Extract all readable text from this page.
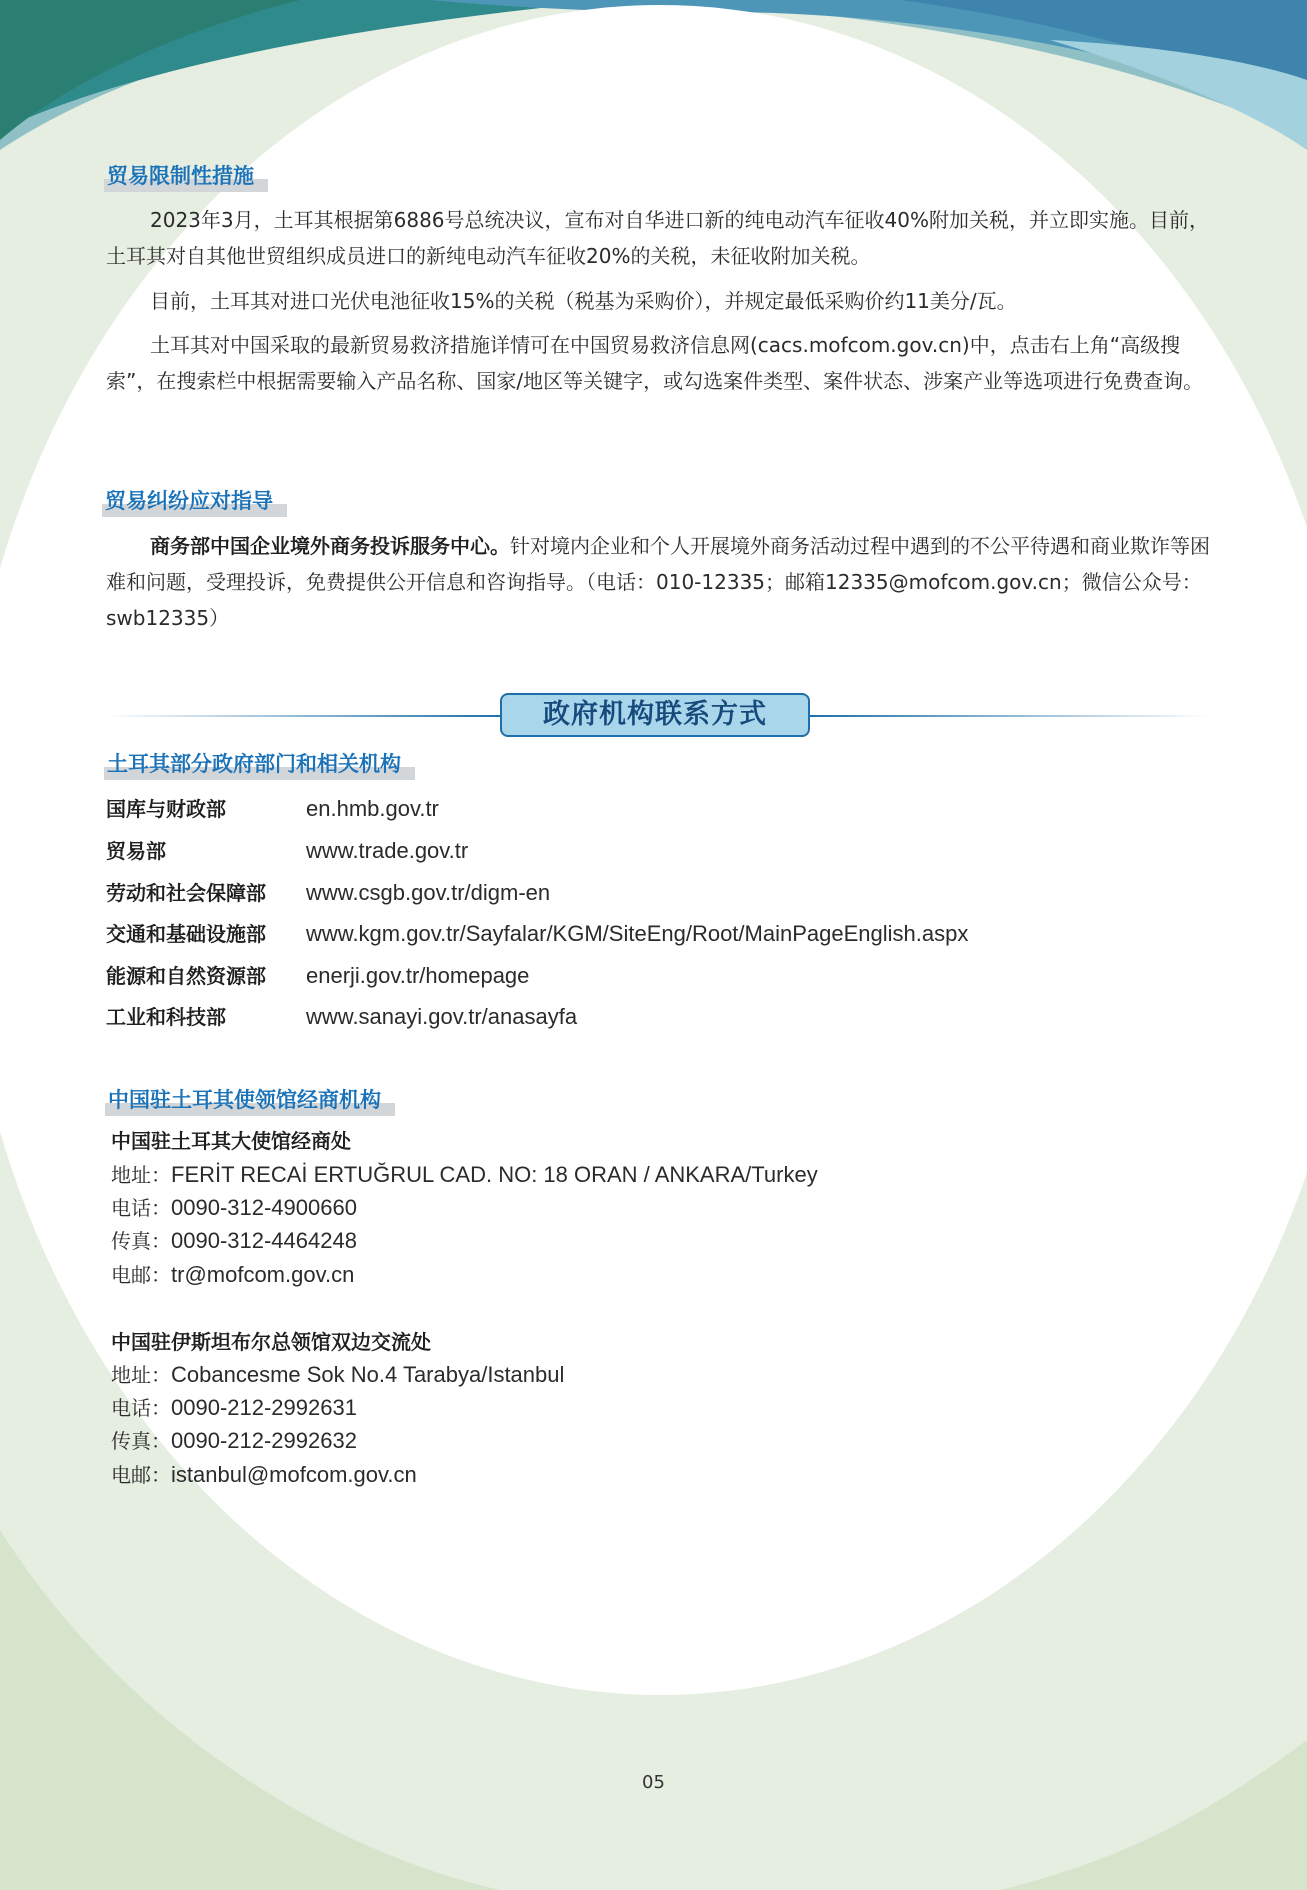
贸易限制性措施

2023年3月，土耳其根据第6886号总统决议，宣布对自华进口新的纯电动汽车征收40%附加关税，并立即实施。目前，土耳其对自其他世贸组织成员进口的新纯电动汽车征收20%的关税，未征收附加关税。

目前，土耳其对进口光伏电池征收15%的关税（税基为采购价），并规定最低采购价约11美分/瓦。

土耳其对中国采取的最新贸易救济措施详情可在中国贸易救济信息网(cacs.mofcom.gov.cn)中，点击右上角“高级搜索”，在搜索栏中根据需要输入产品名称、国家/地区等关键字，或勾选案件类型、案件状态、涉案产业等选项进行免费查询。

贸易纠纷应对指导

商务部中国企业境外商务投诉服务中心。针对境内企业和个人开展境外商务活动过程中遇到的不公平待遇和商业欺诈等困难和问题，受理投诉，免费提供公开信息和咨询指导。（电话：010-12335；邮箱12335@mofcom.gov.cn；微信公众号：swb12335）

政府机构联系方式
土耳其部分政府部门和相关机构
国库与财政部	en.hmb.gov.tr
贸易部	www.trade.gov.tr
劳动和社会保障部	www.csgb.gov.tr/digm-en
交通和基础设施部	www.kgm.gov.tr/Sayfalar/KGM/SiteEng/Root/MainPageEnglish.aspx
能源和自然资源部	enerji.gov.tr/homepage
工业和科技部	www.sanayi.gov.tr/anasayfa
中国驻土耳其使领馆经商机构
中国驻土耳其大使馆经商处
地址：FERİT RECAİ ERTUĞRUL CAD. NO: 18 ORAN / ANKARA/Turkey
电话：0090-312-4900660
传真：0090-312-4464248
电邮：tr@mofcom.gov.cn
中国驻伊斯坦布尔总领馆双边交流处
地址：Cobancesme Sok No.4 Tarabya/Istanbul
电话：0090-212-2992631
传真：0090-212-2992632
电邮：istanbul@mofcom.gov.cn
05
